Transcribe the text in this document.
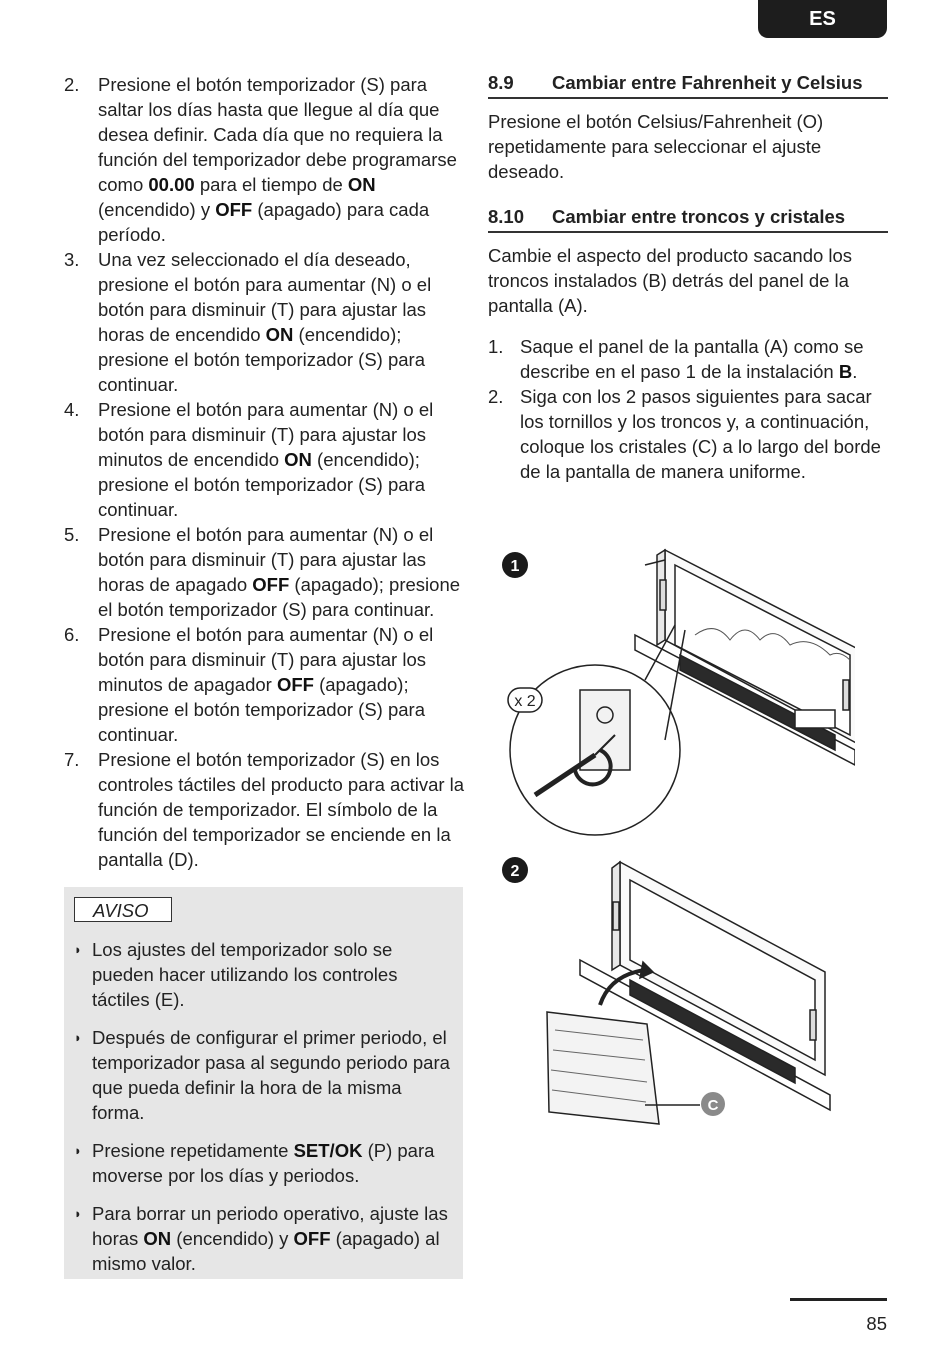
ES
2.	Presione el botón temporizador (S) para saltar los días hasta que llegue al día que desea definir. Cada día que no requiera la función del temporizador debe programarse como 00.00 para el tiempo de ON (encendido) y OFF (apagado) para cada período.
3.	Una vez seleccionado el día deseado, presione el botón para aumentar (N) o el botón para disminuir (T) para ajustar las horas de encendido ON (encendido); presione el botón temporizador (S) para continuar.
4.	Presione el botón para aumentar (N) o el botón para disminuir (T) para ajustar los minutos de encendido ON (encendido); presione el botón temporizador (S) para continuar.
5.	Presione el botón para aumentar (N) o el botón para disminuir (T) para ajustar las horas de apagado OFF (apagado); presione el botón temporizador (S) para continuar.
6.	Presione el botón para aumentar (N) o el botón para disminuir (T) para ajustar los minutos de apagador OFF (apagado); presione el botón temporizador (S) para continuar.
7.	Presione el botón temporizador (S) en los controles táctiles del producto para activar la función de temporizador. El símbolo de la función del temporizador se enciende en la pantalla (D).
AVISO
◗ Los ajustes del temporizador solo se pueden hacer utilizando los controles táctiles (E).
◗ Después de configurar el primer periodo, el temporizador pasa al segundo periodo para que pueda definir la hora de la misma forma.
◗ Presione repetidamente SET/OK (P) para moverse por los días y periodos.
◗ Para borrar un periodo operativo, ajuste las horas ON (encendido) y OFF (apagado) al mismo valor.
8.9	Cambiar entre Fahrenheit y Celsius

Presione el botón Celsius/Fahrenheit (O) repetidamente para seleccionar el ajuste deseado.

8.10	Cambiar entre troncos y cristales

Cambie el aspecto del producto sacando los troncos instalados (B) detrás del panel de la pantalla (A).

1. Saque el panel de la pantalla (A) como se describe en el paso 1 de la instalación B.
2. Siga con los 2 pasos siguientes para sacar los tornillos y los troncos y, a continuación, coloque los cristales (C) a lo largo del borde de la pantalla de manera uniforme.
1
x 2
2
C
85
